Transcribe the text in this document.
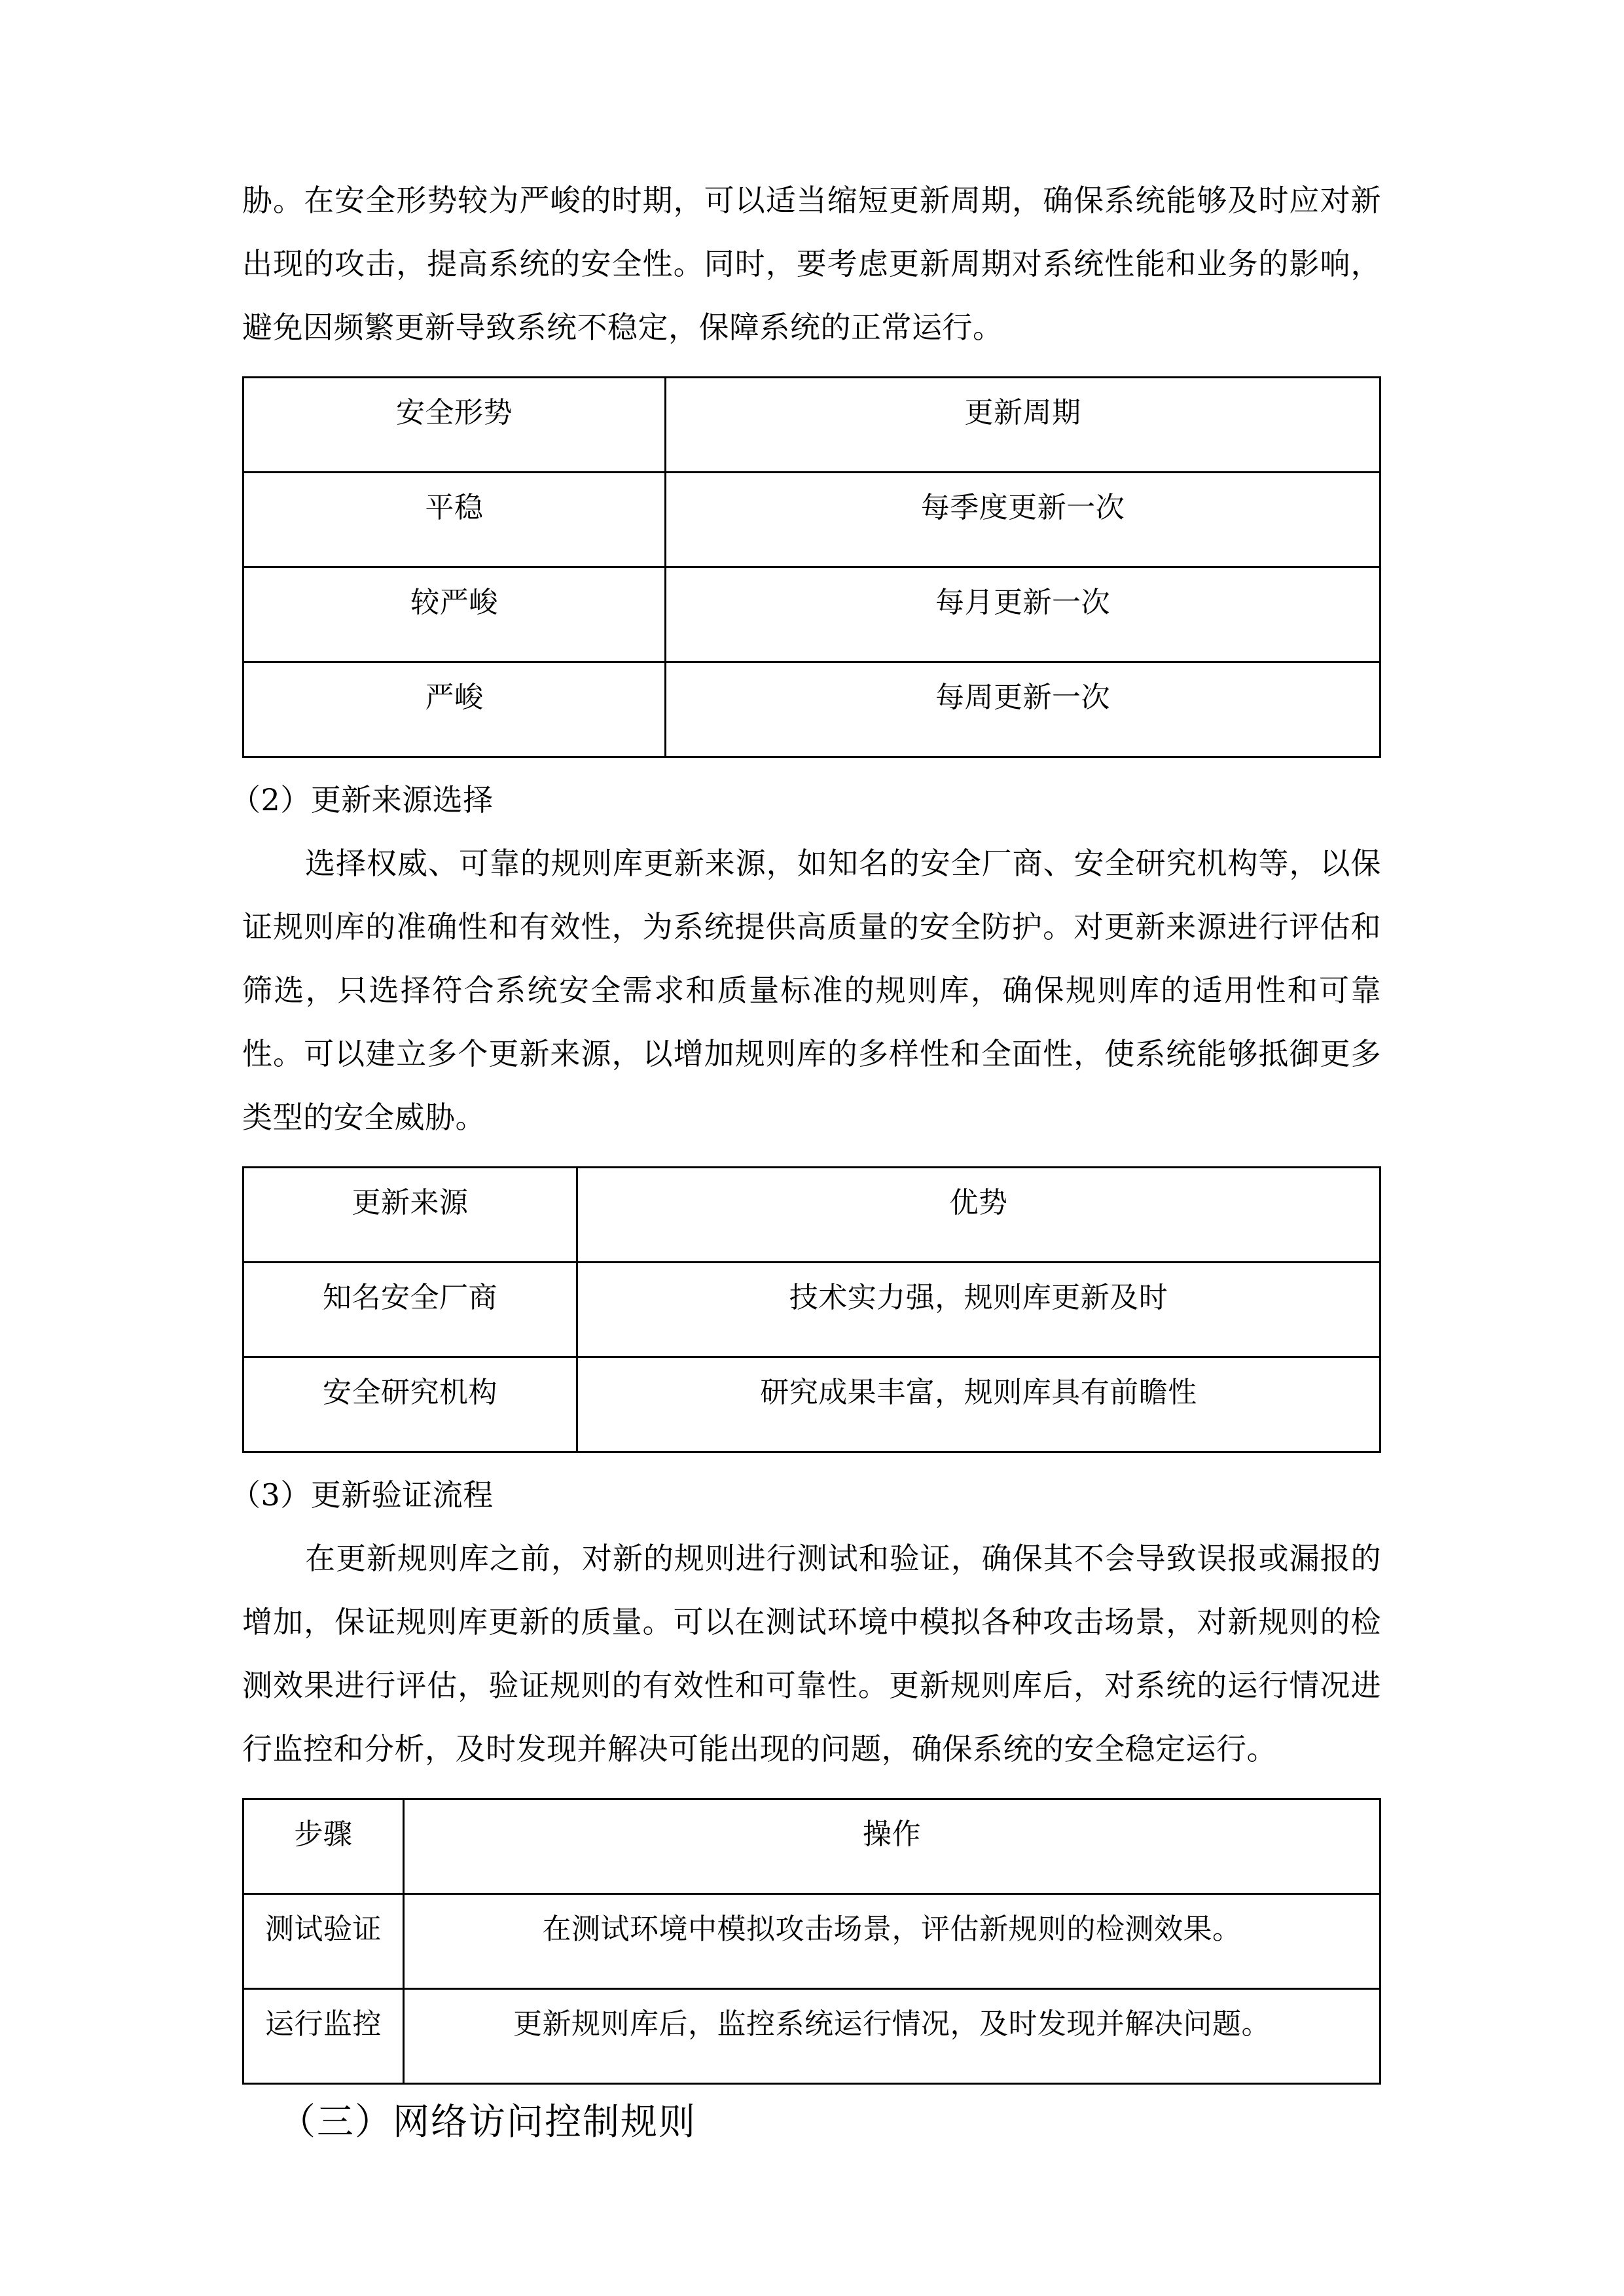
胁。在安全形势较为严峻的时期，可以适当缩短更新周期，确保系统能够及时应对新出现的攻击，提高系统的安全性。同时，要考虑更新周期对系统性能和业务的影响，避免因频繁更新导致系统不稳定，保障系统的正常运行。

安全形势	更新周期
平稳	每季度更新一次
较严峻	每月更新一次
严峻	每周更新一次

（2）更新来源选择

选择权威、可靠的规则库更新来源，如知名的安全厂商、安全研究机构等，以保证规则库的准确性和有效性，为系统提供高质量的安全防护。对更新来源进行评估和筛选，只选择符合系统安全需求和质量标准的规则库，确保规则库的适用性和可靠性。可以建立多个更新来源，以增加规则库的多样性和全面性，使系统能够抵御更多类型的安全威胁。

更新来源	优势
知名安全厂商	技术实力强，规则库更新及时
安全研究机构	研究成果丰富，规则库具有前瞻性

（3）更新验证流程

在更新规则库之前，对新的规则进行测试和验证，确保其不会导致误报或漏报的增加，保证规则库更新的质量。可以在测试环境中模拟各种攻击场景，对新规则的检测效果进行评估，验证规则的有效性和可靠性。更新规则库后，对系统的运行情况进行监控和分析，及时发现并解决可能出现的问题，确保系统的安全稳定运行。

步骤	操作
测试验证	在测试环境中模拟攻击场景，评估新规则的检测效果。
运行监控	更新规则库后，监控系统运行情况，及时发现并解决问题。

（三）网络访问控制规则
